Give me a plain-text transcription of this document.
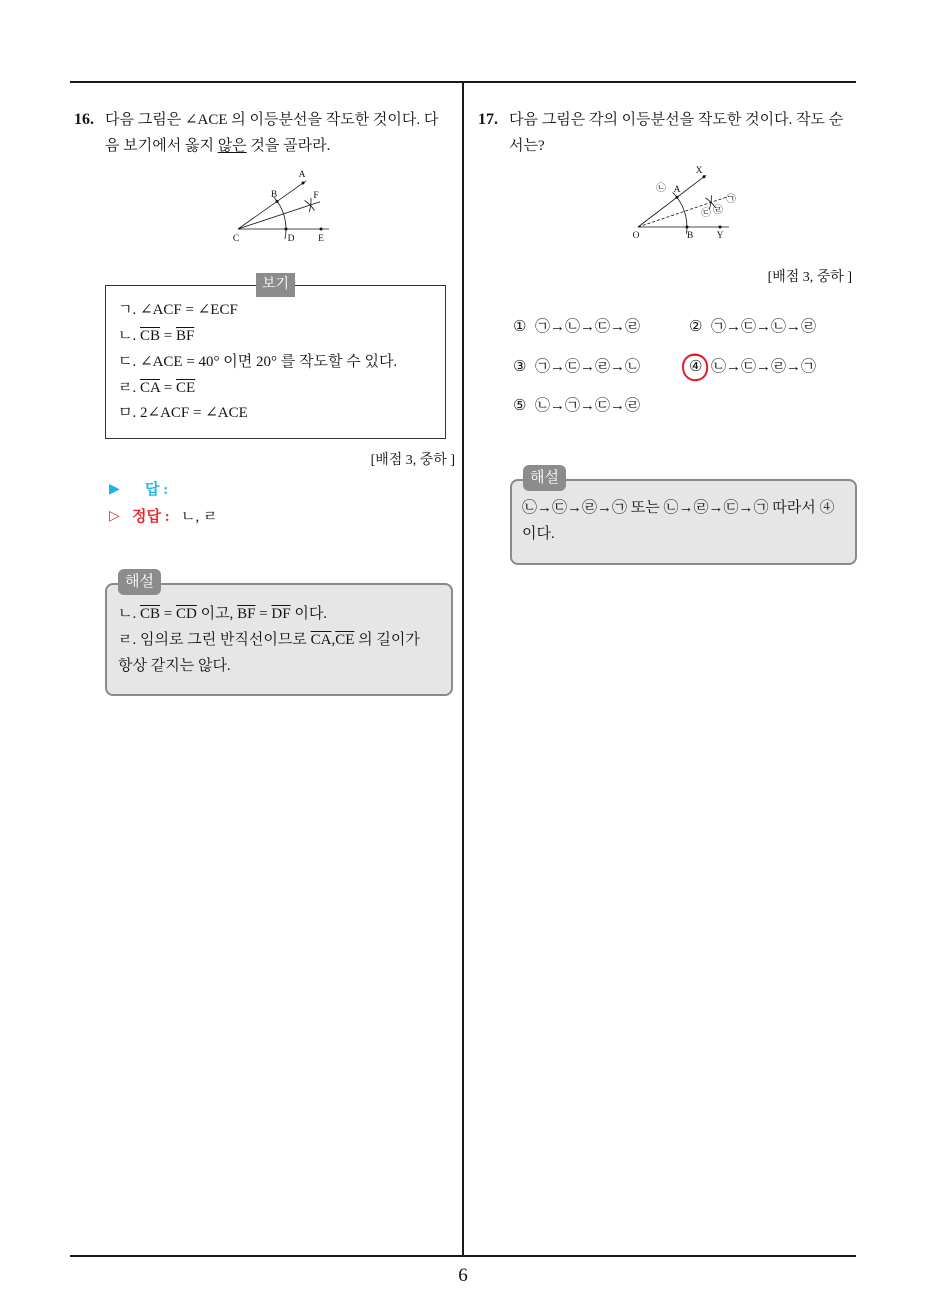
16. 다음 그림은 ∠ACE 의 이등분선을 작도한 것이다. 다
음 보기에서 옳지 않은 것을 골라라.
A
B
C	D E
F
보기
ㄱ. ∠ACF = ∠ECF
ㄴ. $\overline{CB} = \overline{BF}$
ㄷ. ∠ACE = 40° 이면 20° 를 작도할 수 있다.
ㄹ. $\overline{CA} = \overline{CE}$
ㅁ. 2∠ACF = ∠ACE
[배점 3, 중하 ]
▶ 답 :
▷ 정답 : ㄴ, ㄹ
해설
ㄴ. $\overline{CB} = \overline{CD}$ 이고, $\overline{BF} = \overline{DF}$ 이다.
ㄹ. 임의로 그린 반직선이므로 $\overline{CA},\overline{CE}$ 의 길이가
항상 같지는 않다.
17. 다음 그림은 각의 이등분선을 작도한 것이다. 작도 순
서는?
X
A
O	B Y
㉡
㉠
㉢ ㉣
[배점 3, 중하 ]
① ㉠→㉡→㉢→㉣	② ㉠→㉢→㉡→㉣
③ ㉠→㉢→㉣→㉡	④ ㉡→㉢→㉣→㉠
⑤ ㉡→㉠→㉢→㉣
해설
㉡→㉢→㉣→㉠ 또는 ㉡→㉣→㉢→㉠ 따라서 ④
이다.
6
